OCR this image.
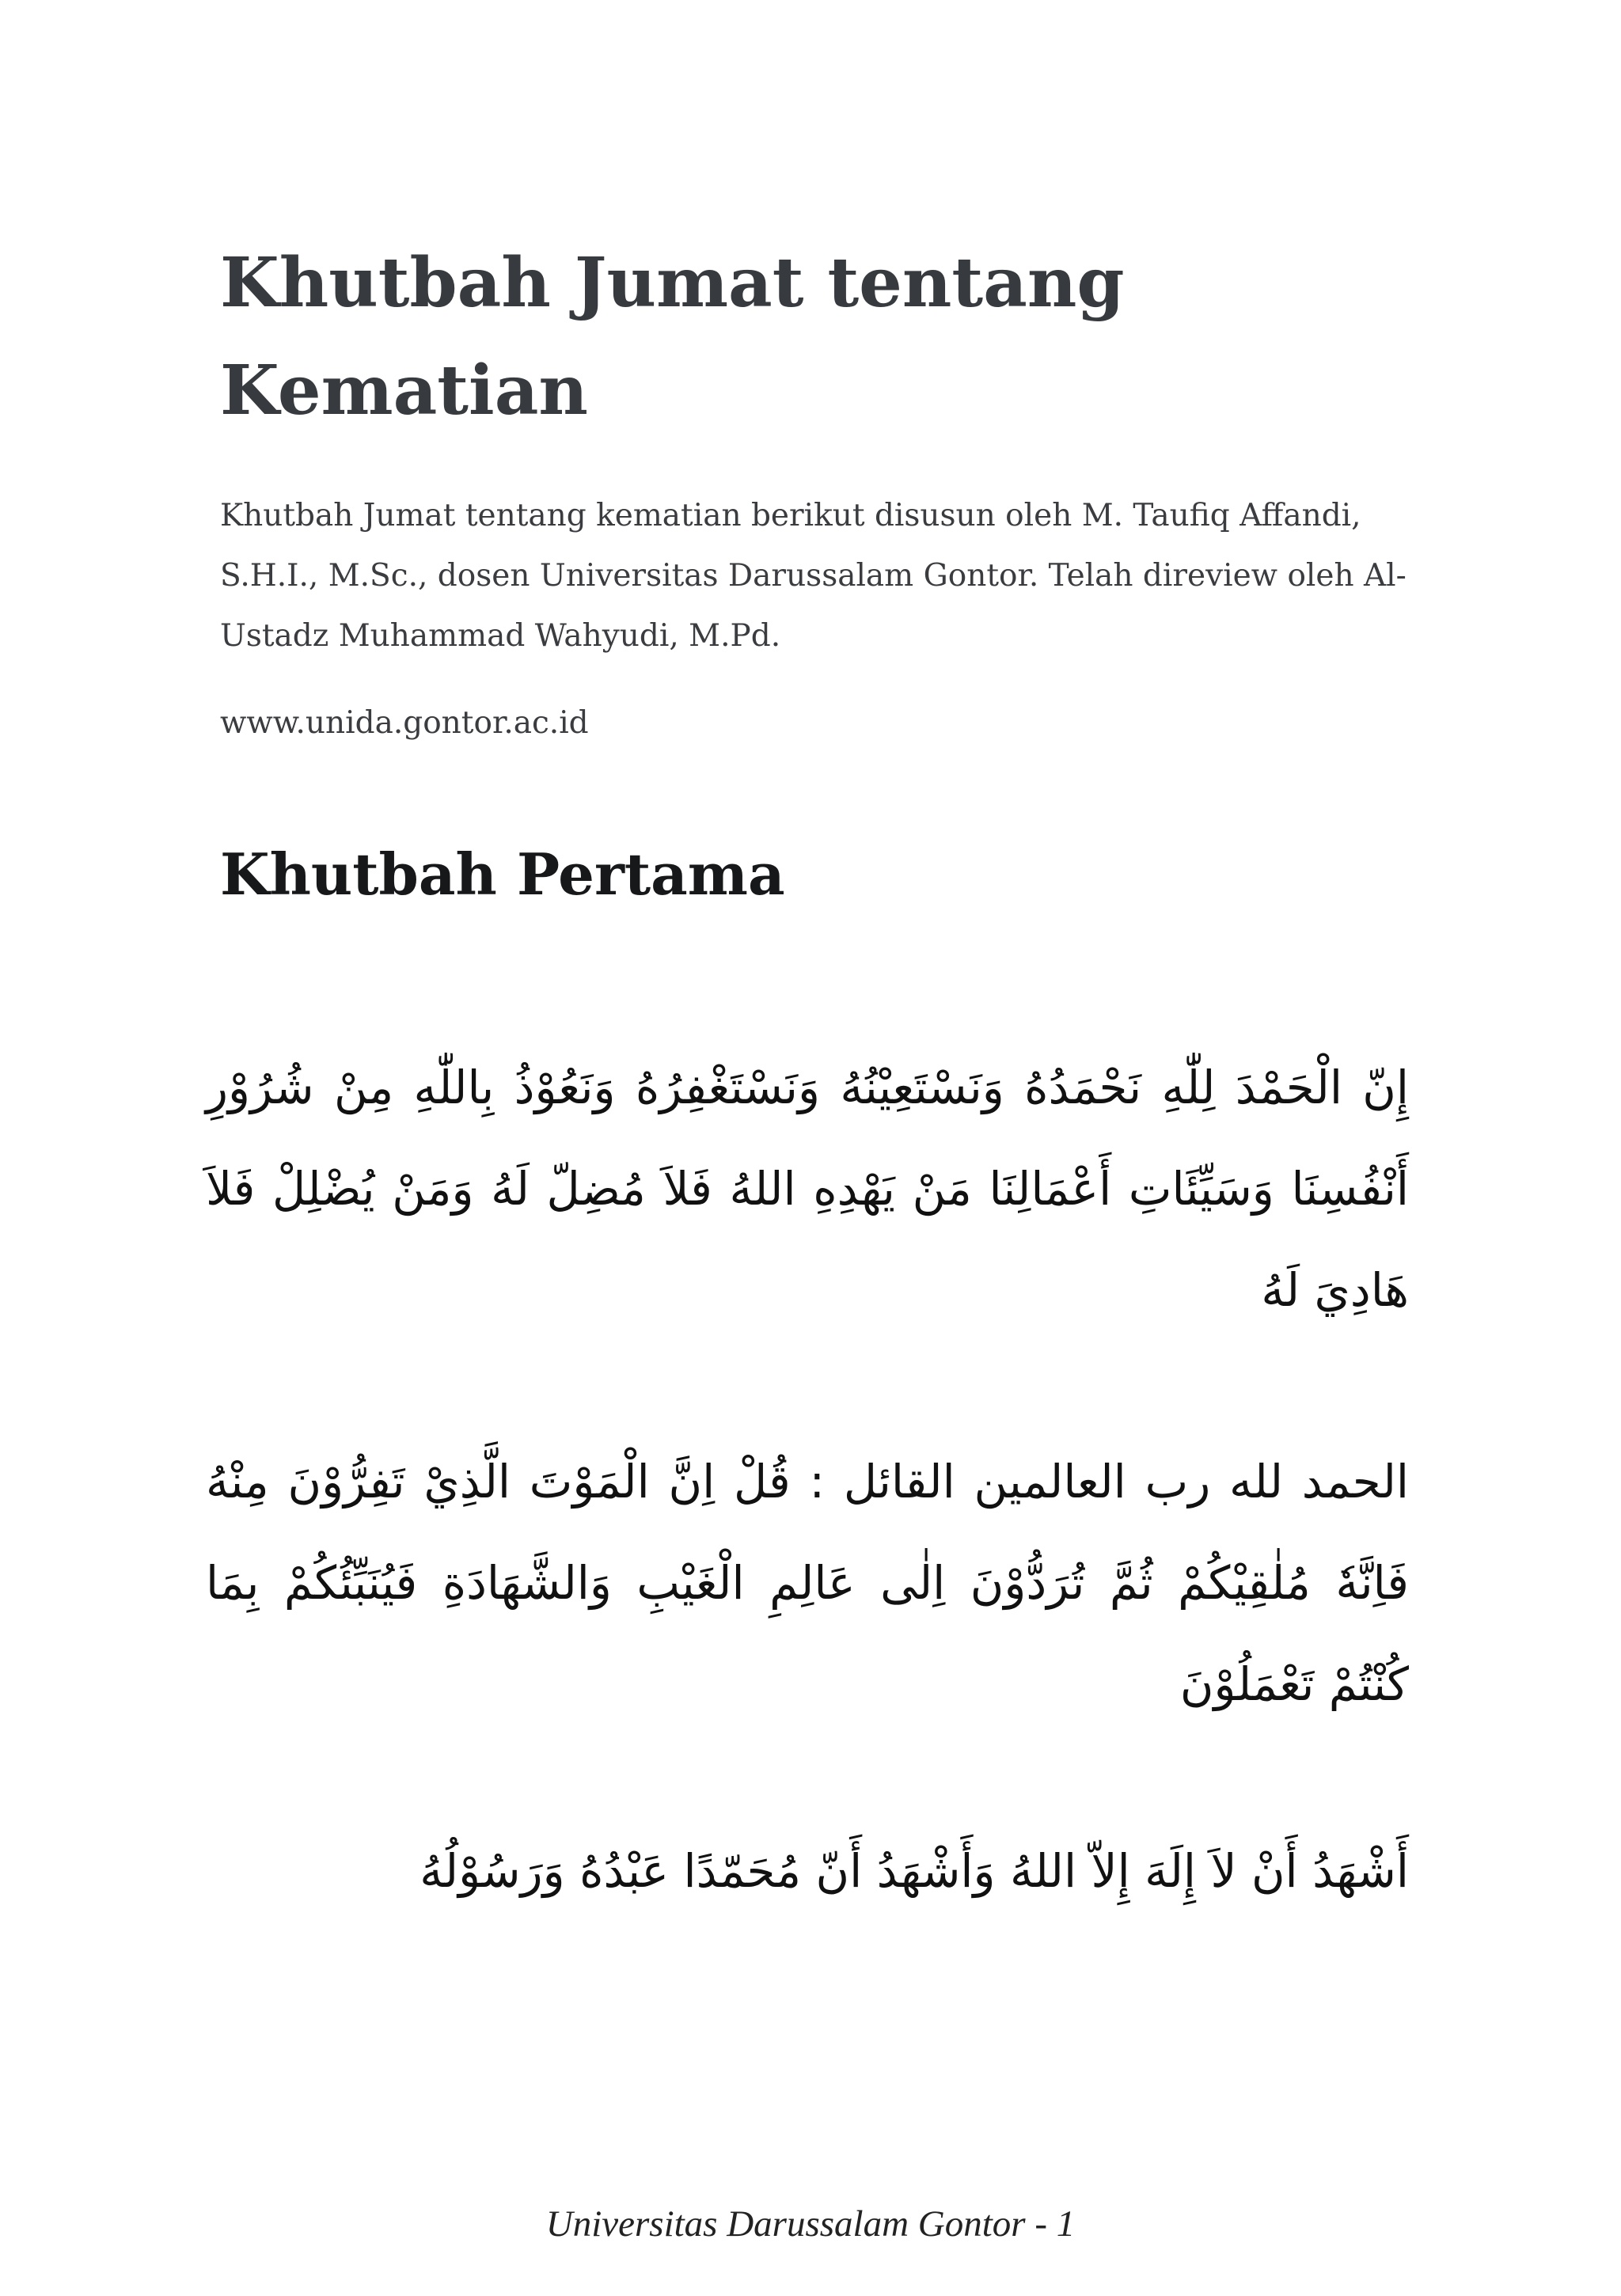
Khutbah Jumat tentang Kematian

Khutbah Jumat tentang kematian berikut disusun oleh M. Taufiq Affandi, S.H.I., M.Sc., dosen Universitas Darussalam Gontor. Telah direview oleh Al-Ustadz Muhammad Wahyudi, M.Pd.

www.unida.gontor.ac.id

Khutbah Pertama

إِنّ الْحَمْدَ لِلّٰهِ نَحْمَدُهُ وَنَسْتَعِيْنُهُ وَنَسْتَغْفِرُهُ وَنَعُوْذُ بِاللّٰهِ مِنْ شُرُوْرِ أَنْفُسِنَا وَسَيِّئَاتِ أَعْمَالِنَا مَنْ يَهْدِهِ اللهُ فَلاَ مُضِلّ لَهُ وَمَنْ يُضْلِلْ فَلاَ هَادِيَ لَهُ

الحمد لله رب العالمين القائل : قُلْ اِنَّ الْمَوْتَ الَّذِيْ تَفِرُّوْنَ مِنْهُ فَاِنَّهٗ مُلٰقِيْكُمْ ثُمَّ تُرَدُّوْنَ اِلٰى عَالِمِ الْغَيْبِ وَالشَّهَادَةِ فَيُنَبِّئُكُمْ بِمَا كُنْتُمْ تَعْمَلُوْنَ

أَشْهَدُ أَنْ لاَ إِلَهَ إِلاّ اللهُ وَأَشْهَدُ أَنّ مُحَمّدًا عَبْدُهُ وَرَسُوْلُهُ

Universitas Darussalam Gontor - 1
